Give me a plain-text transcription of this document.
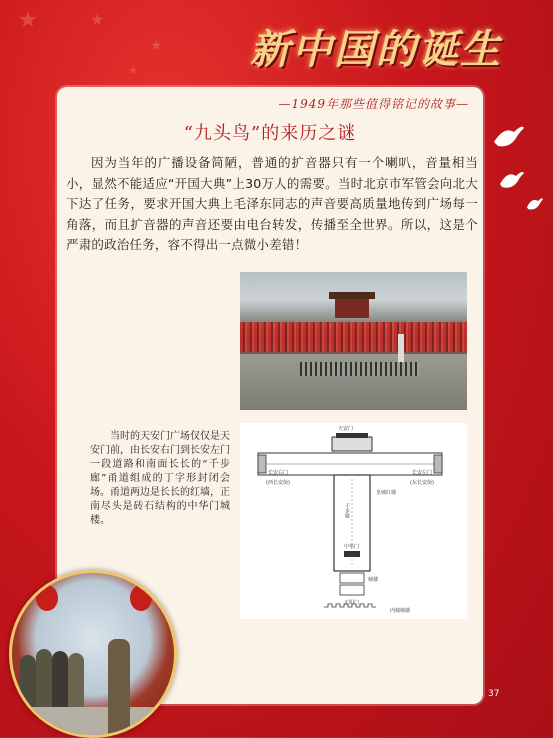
★	★
★
★	新中国的诞生
—1949年那些值得铭记的故事—
“九头鸟”的来历之谜
因为当年的广播设备简陋，普通的扩音器只有一个喇叭，音量相当小，显然不能适应“开国大典”上30万人的需要。当时北京市军管会向北大下达了任务，要求开国大典上毛泽东同志的声音要高质量地传到广场每一角落，而且扩音器的声音还要由电台转发，传播至全世界。所以，这是个严肃的政治任务，容不得出一点微小差错！
当时的天安门广场仅仅是天安门前，由长安右门到长安左门一段道路和南面长长的“千步廊”甬道组成的丁字形封闭会场。甬道两边是长长的红墙，正南尽头是砖石结构的中华门城楼。
长安右门
(西长安街)
长安左门
(东长安街)
天安门
千步廊
皇城红墙
中华门
城楼
正阳门
内城城墙
37
